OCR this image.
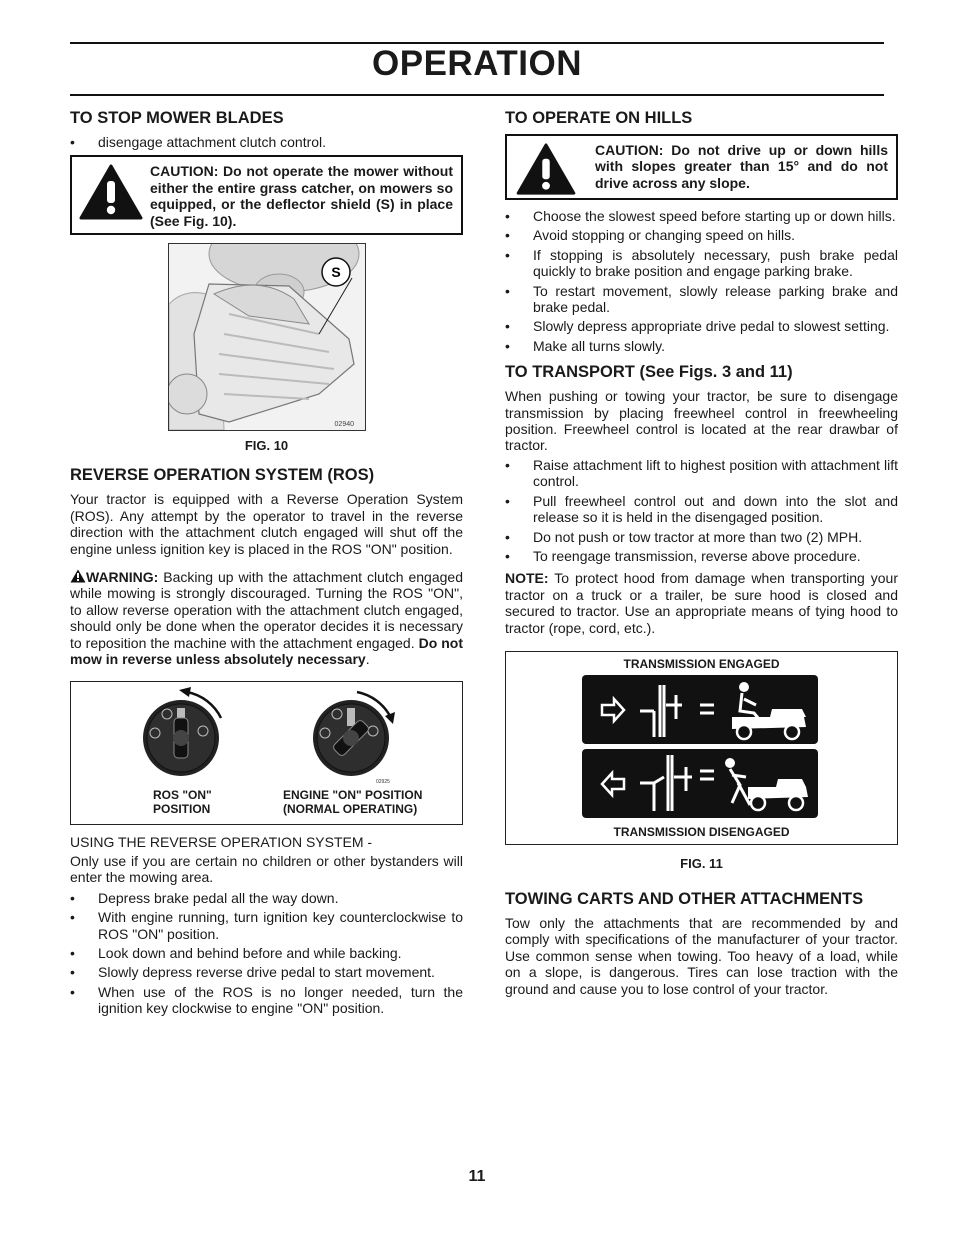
OPERATION
TO STOP MOWER BLADES
• disengage attachment clutch control.
CAUTION: Do not operate the mower without either the entire grass catcher, on mowers so equipped, or the deflector shield (S) in place (See Fig. 10).
S
02940
FIG. 10
REVERSE OPERATION SYSTEM (ROS)

Your tractor is equipped with a Reverse Operation System (ROS). Any attempt by the operator to travel in the reverse direction with the attachment clutch engaged will shut off the engine unless ignition key is placed in the ROS "ON" position.

WARNING: Backing up with the attachment clutch engaged while mowing is strongly discouraged. Turning the ROS "ON", to allow reverse operation with the attachment clutch engaged, should only be done when the operator decides it is necessary to reposition the machine with the attachment engaged. Do not mow in reverse unless absolutely necessary.

02925
ROS "ON"
POSITION
ENGINE "ON" POSITION
(NORMAL OPERATING)

USING THE REVERSE OPERATION SYSTEM -

Only use if you are certain no children or other bystanders will enter the mowing area.

• Depress brake pedal all the way down.
• With engine running, turn ignition key counterclockwise to ROS "ON" position.
• Look down and behind before and while backing.
• Slowly depress reverse drive pedal to start movement.
• When use of the ROS is no longer needed, turn the ignition key clockwise to engine "ON" position.
TO OPERATE ON HILLS
CAUTION: Do not drive up or down hills with slopes greater than 15° and do not drive across any slope.
• Choose the slowest speed before starting up or down hills.
• Avoid stopping or changing speed on hills.
• If stopping is absolutely necessary, push brake pedal quickly to brake position and engage parking brake.
• To restart movement, slowly release parking brake and brake pedal.
• Slowly depress appropriate drive pedal to slowest setting.
• Make all turns slowly.
TO TRANSPORT (See Figs. 3 and 11)

When pushing or towing your tractor, be sure to disengage transmission by placing freewheel control in freewheeling position. Freewheel control is located at the rear drawbar of tractor.

• Raise attachment lift to highest position with attachment lift control.
• Pull freewheel control out and down into the slot and release so it is held in the disengaged position.
• Do not push or tow tractor at more than two (2) MPH.
• To reengage transmission, reverse above procedure.

NOTE: To protect hood from damage when transporting your tractor on a truck or a trailer, be sure hood is closed and secured to tractor. Use an appropriate means of tying hood to tractor (rope, cord, etc.).

TRANSMISSION ENGAGED
TRANSMISSION DISENGAGED
FIG. 11
TOWING CARTS AND OTHER ATTACHMENTS

Tow only the attachments that are recommended by and comply with specifications of the manufacturer of your tractor. Use common sense when towing. Too heavy of a load, while on a slope, is dangerous. Tires can lose traction with the ground and cause you to lose control of your tractor.

11
